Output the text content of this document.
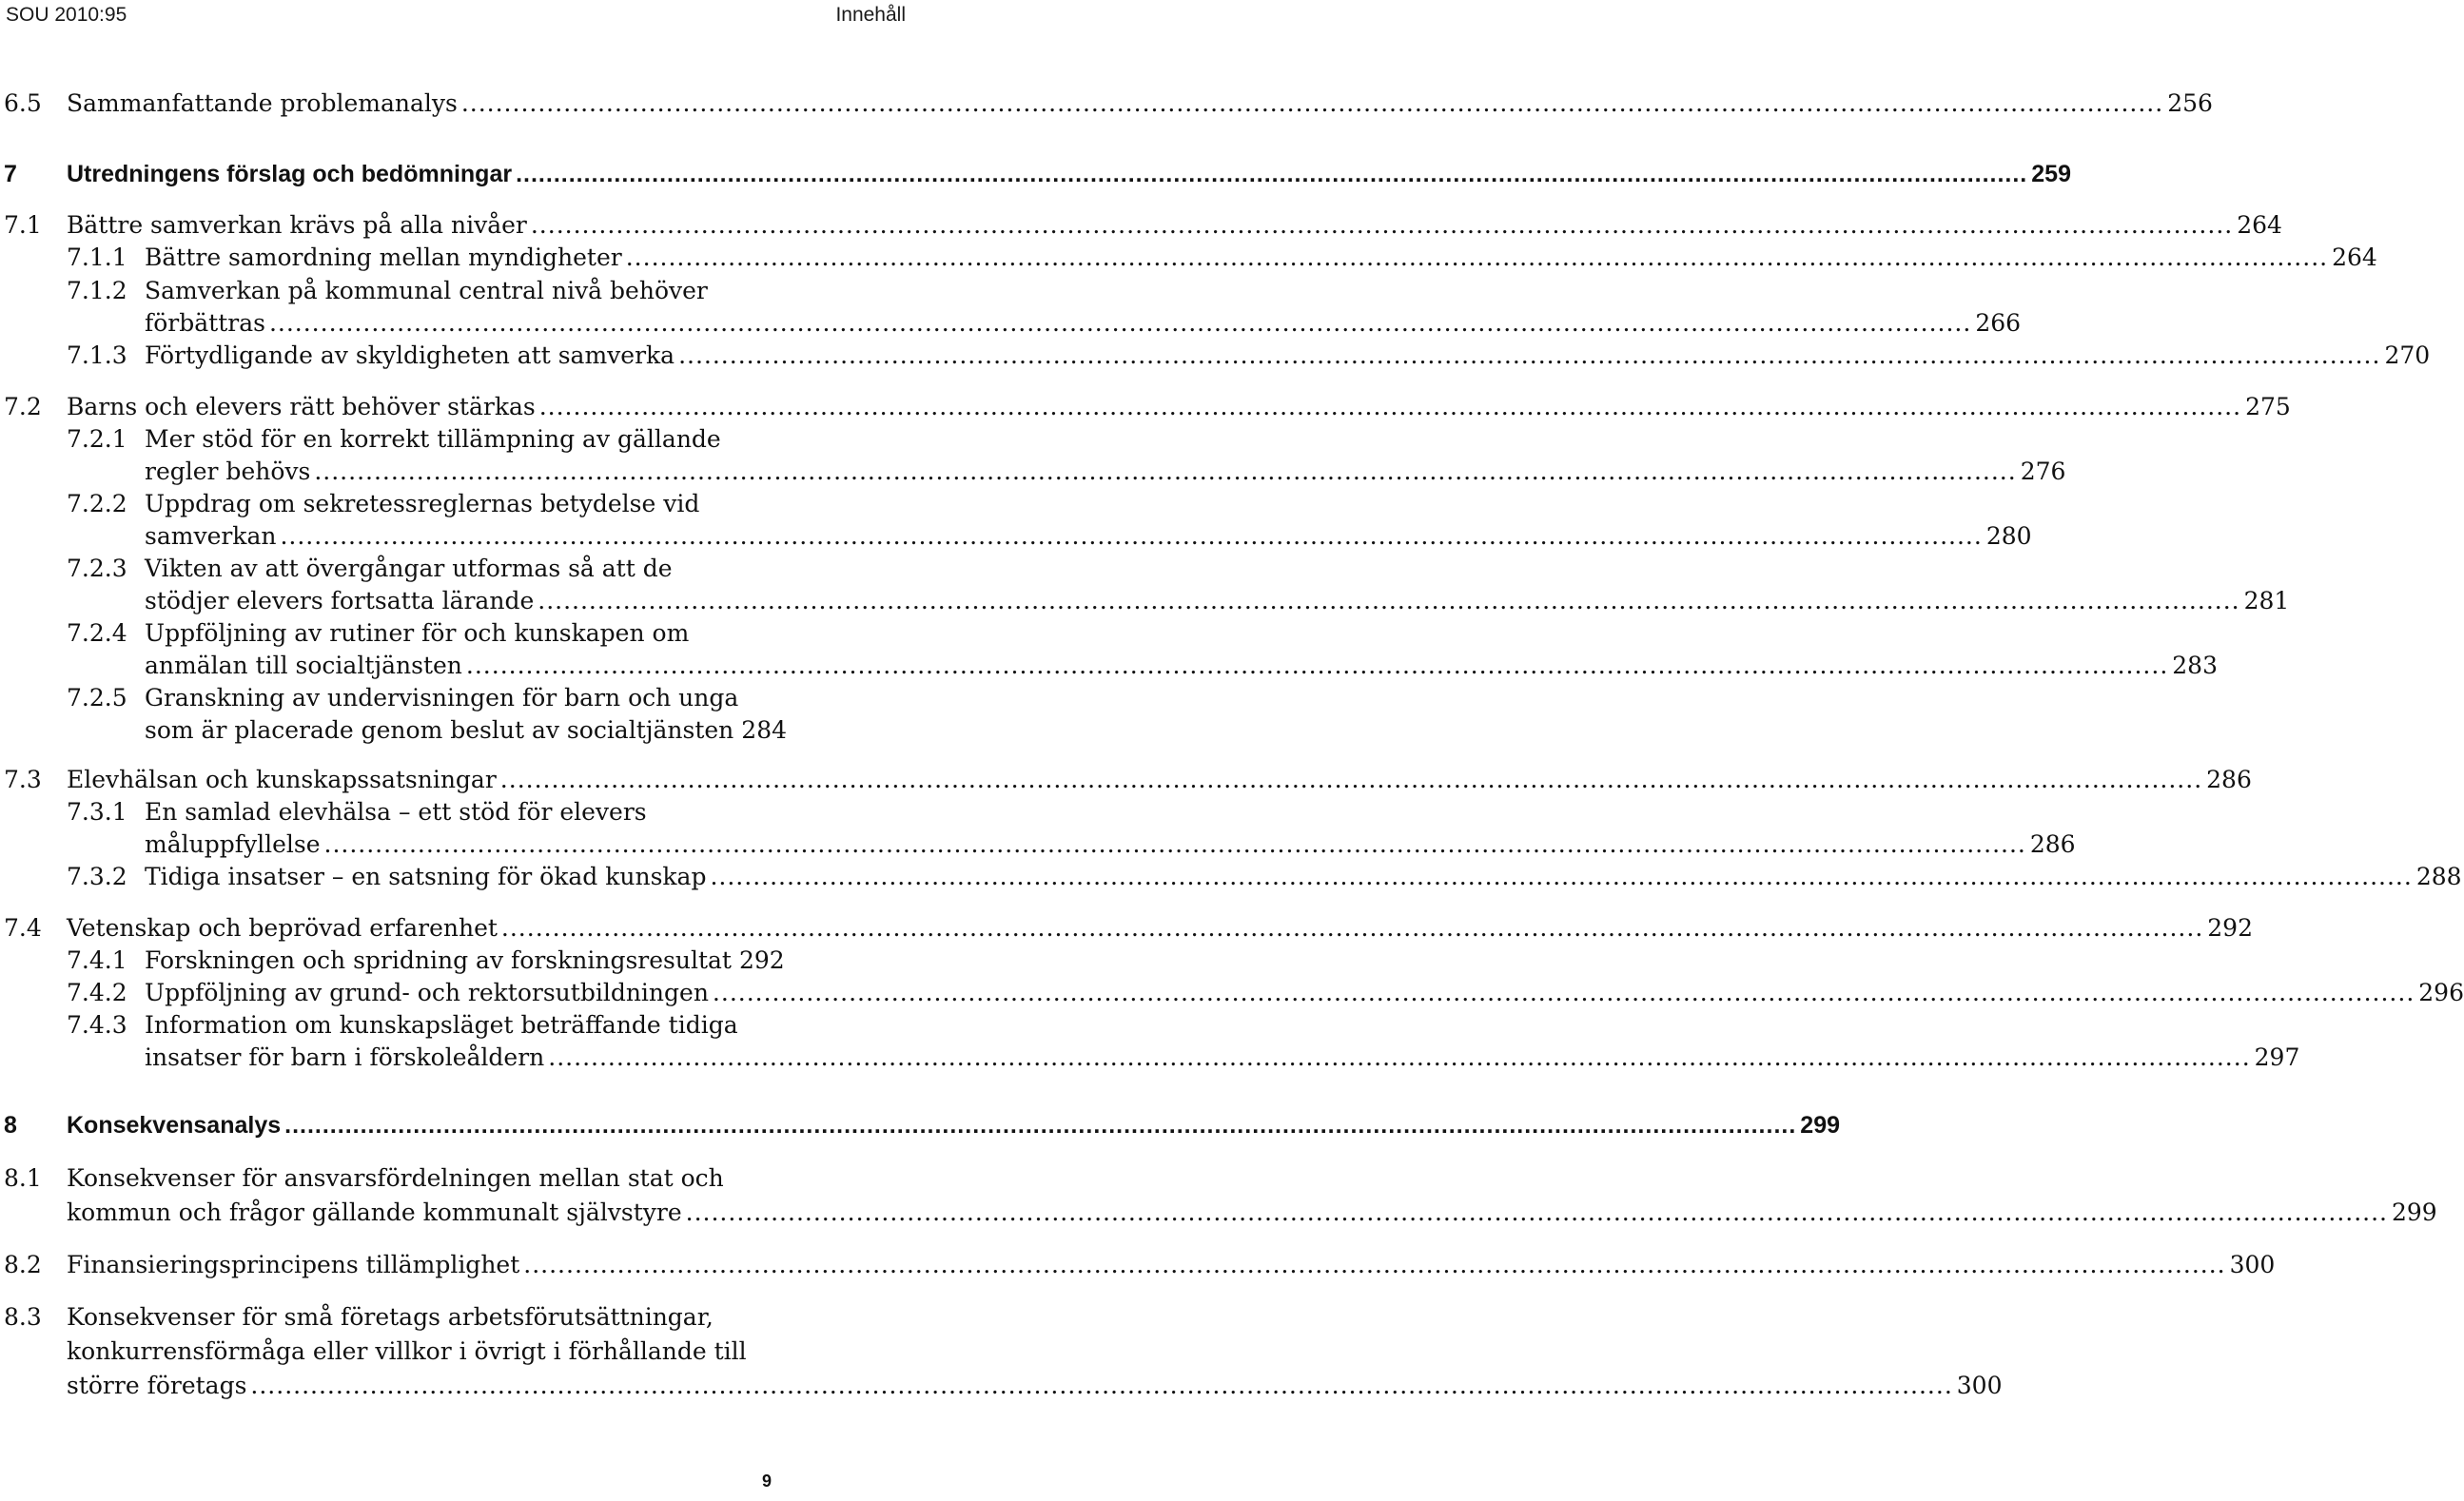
SOU 2010:95	Innehåll
6.5 Sammanfattande problemanalys ........................................................................................................................................................................................................ 256
7 Utredningens förslag och bedömningar ........................................................................................................................................................................................................ 259
7.1 Bättre samverkan krävs på alla nivåer ........................................................................................................................................................................................................ 264
7.1.1 Bättre samordning mellan myndigheter ........................................................................................................................................................................................................ 264
7.1.2 Samverkan på kommunal central nivå behöver
förbättras ........................................................................................................................................................................................................ 266
7.1.3 Förtydligande av skyldigheten att samverka ........................................................................................................................................................................................................ 270
7.2 Barns och elevers rätt behöver stärkas ........................................................................................................................................................................................................ 275
7.2.1 Mer stöd för en korrekt tillämpning av gällande
regler behövs ........................................................................................................................................................................................................ 276
7.2.2 Uppdrag om sekretessreglernas betydelse vid
samverkan ........................................................................................................................................................................................................ 280
7.2.3 Vikten av att övergångar utformas så att de
stödjer elevers fortsatta lärande ........................................................................................................................................................................................................ 281
7.2.4 Uppföljning av rutiner för och kunskapen om
anmälan till socialtjänsten ........................................................................................................................................................................................................ 283
7.2.5 Granskning av undervisningen för barn och unga
som är placerade genom beslut av socialtjänsten 284
7.3 Elevhälsan och kunskapssatsningar ........................................................................................................................................................................................................ 286
7.3.1 En samlad elevhälsa – ett stöd för elevers
måluppfyllelse ........................................................................................................................................................................................................ 286
7.3.2 Tidiga insatser – en satsning för ökad kunskap ........................................................................................................................................................................................................ 288
7.4 Vetenskap och beprövad erfarenhet ........................................................................................................................................................................................................ 292
7.4.1 Forskningen och spridning av forskningsresultat 292
7.4.2 Uppföljning av grund- och rektorsutbildningen ........................................................................................................................................................................................................ 296
7.4.3 Information om kunskapsläget beträffande tidiga
insatser för barn i förskoleåldern ........................................................................................................................................................................................................ 297
8 Konsekvensanalys ........................................................................................................................................................................................................ 299
8.1 Konsekvenser för ansvarsfördelningen mellan stat och
kommun och frågor gällande kommunalt självstyre ........................................................................................................................................................................................................ 299
8.2 Finansieringsprincipens tillämplighet ........................................................................................................................................................................................................ 300
8.3 Konsekvenser för små företags arbetsförutsättningar,
konkurrensförmåga eller villkor i övrigt i förhållande till
större företags ........................................................................................................................................................................................................ 300
9
